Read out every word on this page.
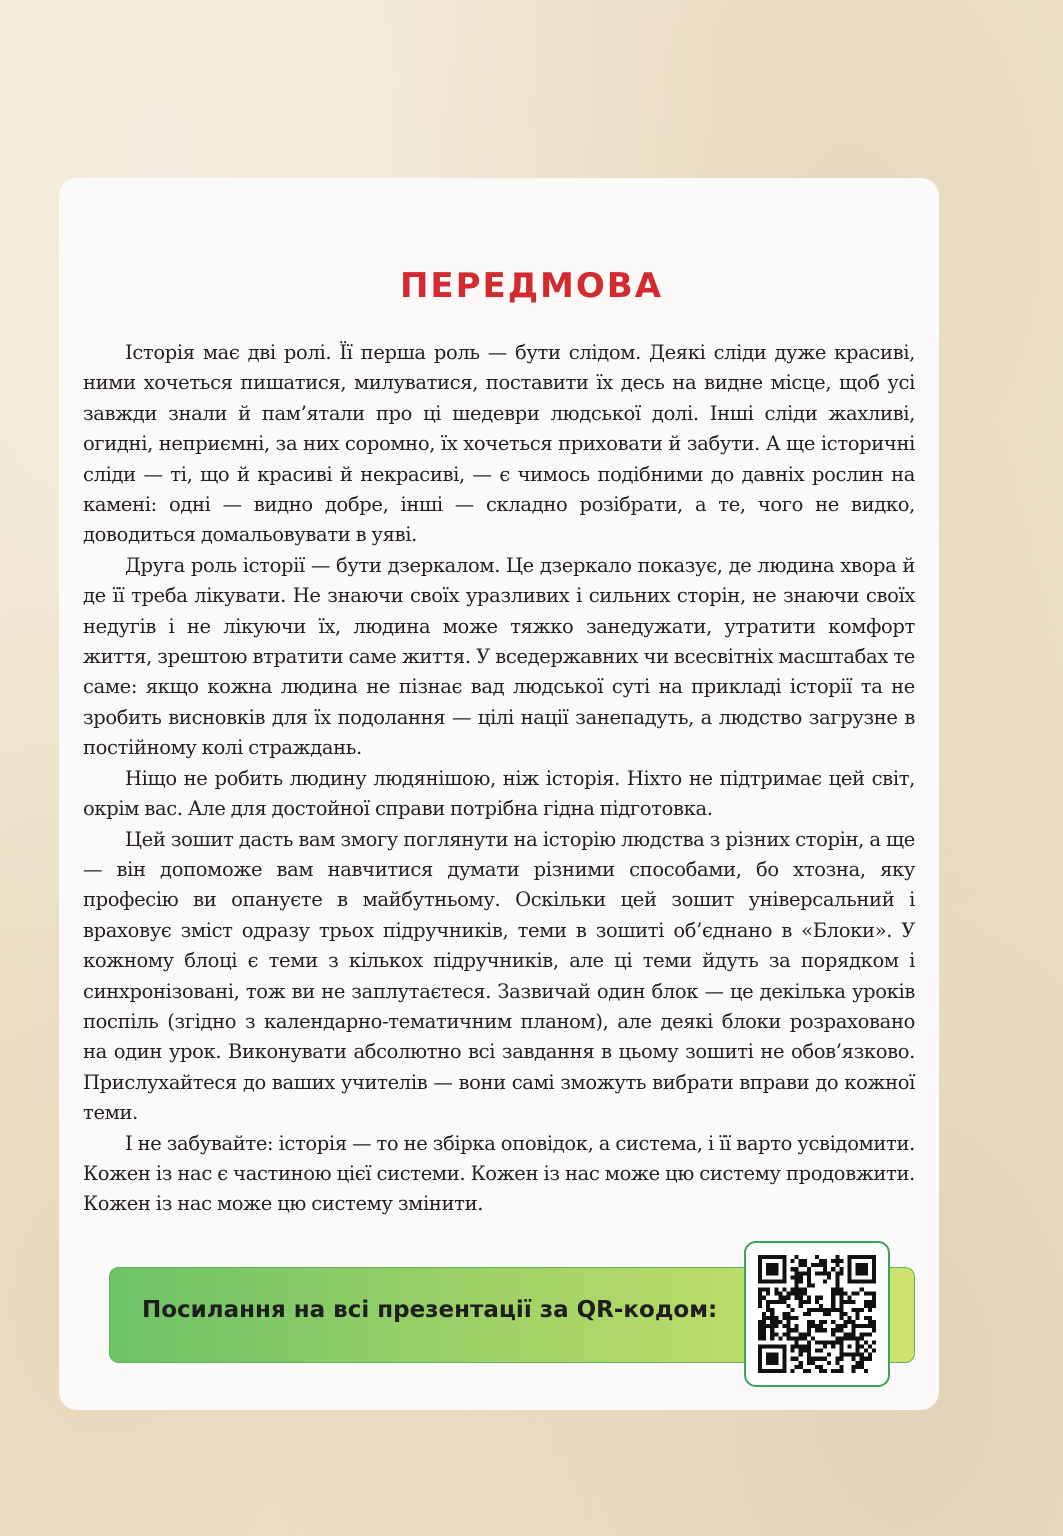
ПЕРЕДМОВА

Історія має дві ролі. Її перша роль — бути слідом. Деякі сліди дуже красиві, ними хочеться пишатися, милуватися, поставити їх десь на видне місце, щоб усі завжди знали й пам’ятали про ці шедеври людської долі. Інші сліди жахливі, огидні, неприємні, за них соромно, їх хочеться приховати й забути. А ще історичні сліди — ті, що й красиві й некрасиві, — є чимось подібними до давніх рослин на камені: одні — видно добре, інші — складно розібрати, а те, чого не видко, доводиться домальовувати в уяві.

Друга роль історії — бути дзеркалом. Це дзеркало показує, де людина хвора й де її треба лікувати. Не знаючи своїх уразливих і сильних сторін, не знаючи своїх недугів і не лікуючи їх, людина може тяжко занедужати, утратити комфорт життя, зрештою втратити саме життя. У вседержавних чи всесвітніх масштабах те саме: якщо кожна людина не пізнає вад людської суті на прикладі історії та не зробить висновків для їх подолання — цілі нації занепадуть, а людство загрузне в постійному колі страждань.

Ніщо не робить людину людянішою, ніж історія. Ніхто не підтримає цей світ, окрім вас. Але для достойної справи потрібна гідна підготовка.

Цей зошит дасть вам змогу поглянути на історію людства з різних сторін, а ще — він допоможе вам навчитися думати різними способами, бо хтозна, яку професію ви опануєте в майбутньому. Оскільки цей зошит універсальний і враховує зміст одразу трьох підручників, теми в зошиті об’єднано в «Блоки». У кожному блоці є теми з кількох підручників, але ці теми йдуть за порядком і синхронізовані, тож ви не заплутаєтеся. Зазвичай один блок — це декілька уроків поспіль (згідно з календарно-тематичним планом), але деякі блоки розраховано на один урок. Виконувати абсолютно всі завдання в цьому зошиті не обов’язково. Прислухайтеся до ваших учителів — вони самі зможуть вибрати вправи до кожної теми.

І не забувайте: історія — то не збірка оповідок, а система, і її варто усвідомити. Кожен із нас є частиною цієї системи. Кожен із нас може цю систему продовжити. Кожен із нас може цю систему змінити.

Посилання на всі презентації за QR-кодом:
